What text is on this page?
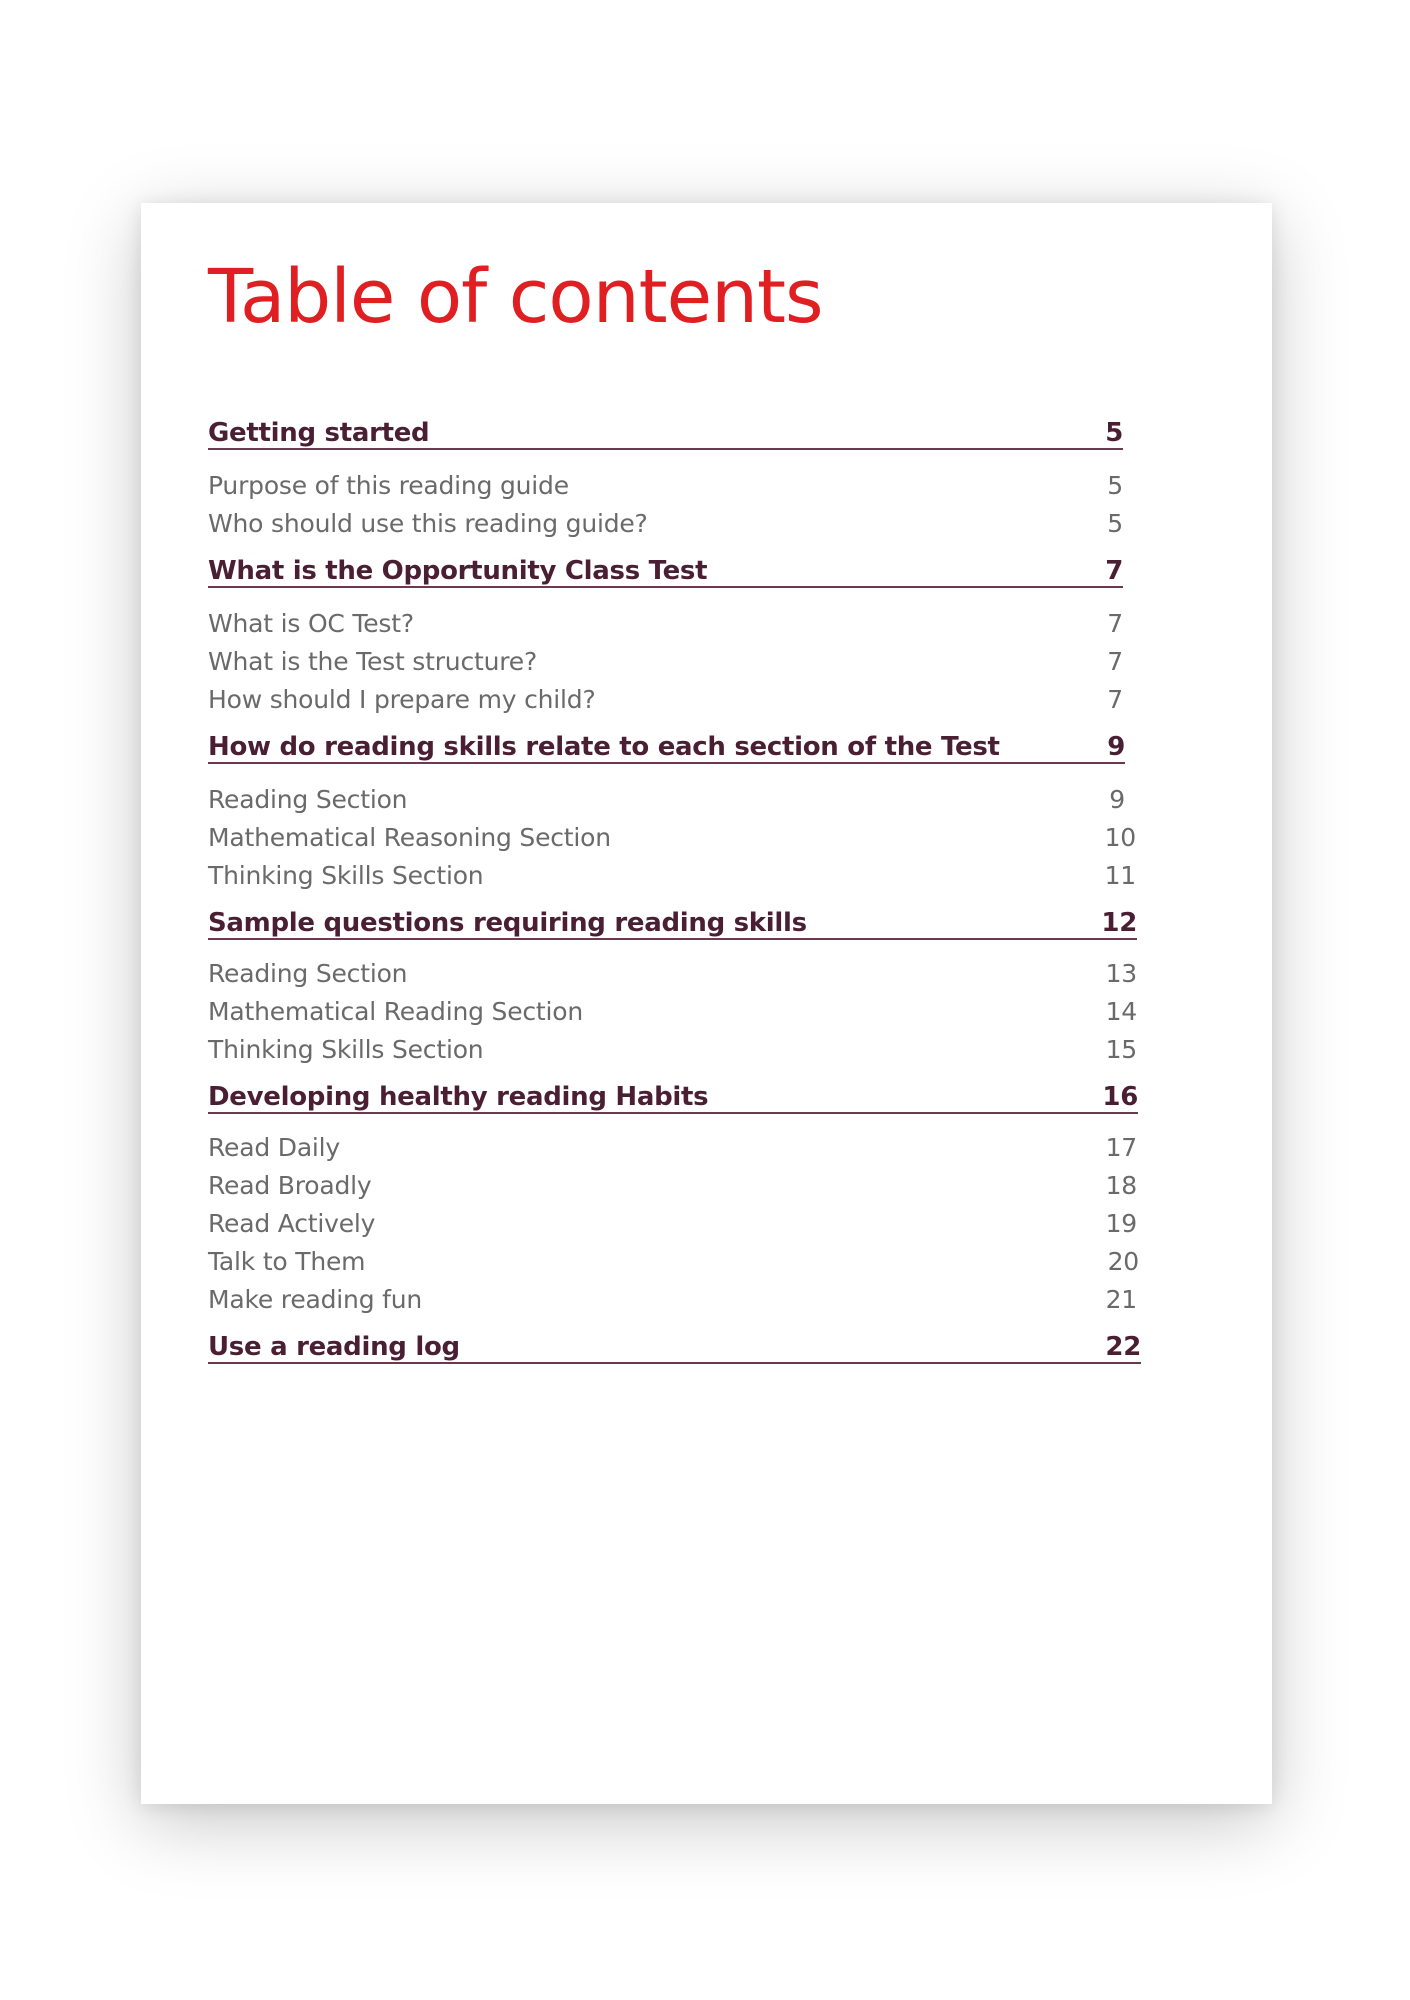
Table of contents
Getting started	5
Purpose of this reading guide	5
Who should use this reading guide?	5
What is the Opportunity Class Test	7
What is OC Test?	7
What is the Test structure?	7
How should I prepare my child?	7
How do reading skills relate to each section of the Test	9
Reading Section	9
Mathematical Reasoning Section	10
Thinking Skills Section	11
Sample questions requiring reading skills	12
Reading Section	13
Mathematical Reading Section	14
Thinking Skills Section	15
Developing healthy reading Habits	16
Read Daily	17
Read Broadly	18
Read Actively	19
Talk to Them	20
Make reading fun	21
Use a reading log	22
